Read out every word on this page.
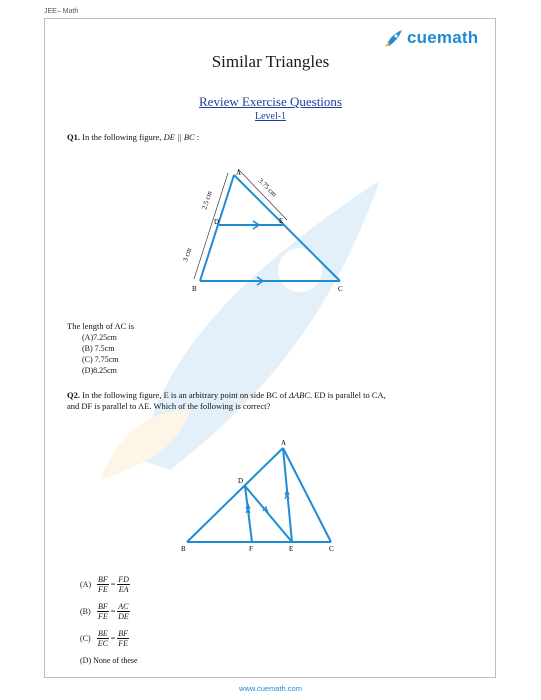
JEE– Math
cuemath
Similar Triangles
Review Exercise Questions
Level-1
Q1. In the following figure, DE || BC :
A
D	E
B	C
2.5 cm
3 cm
3.75 cm
The length of AC is
(A)7.25cm
(B) 7.5cm
(C) 7.75cm
(D)8.25cm
Q2. In the following figure, E is an arbitrary point on side BC of ΔABC. ED is parallel to CA,
and DF is parallel to AE. Which of the following is correct?
A
D
B	F	E	C
$(A) \frac{BF}{FE} = \frac{FD}{EA}$
$(B) \frac{BF}{FE} = \frac{AC}{DE}$
$(C) \frac{BE}{EC} = \frac{BF}{FE}$
(D) None of these
www.cuemath.com
